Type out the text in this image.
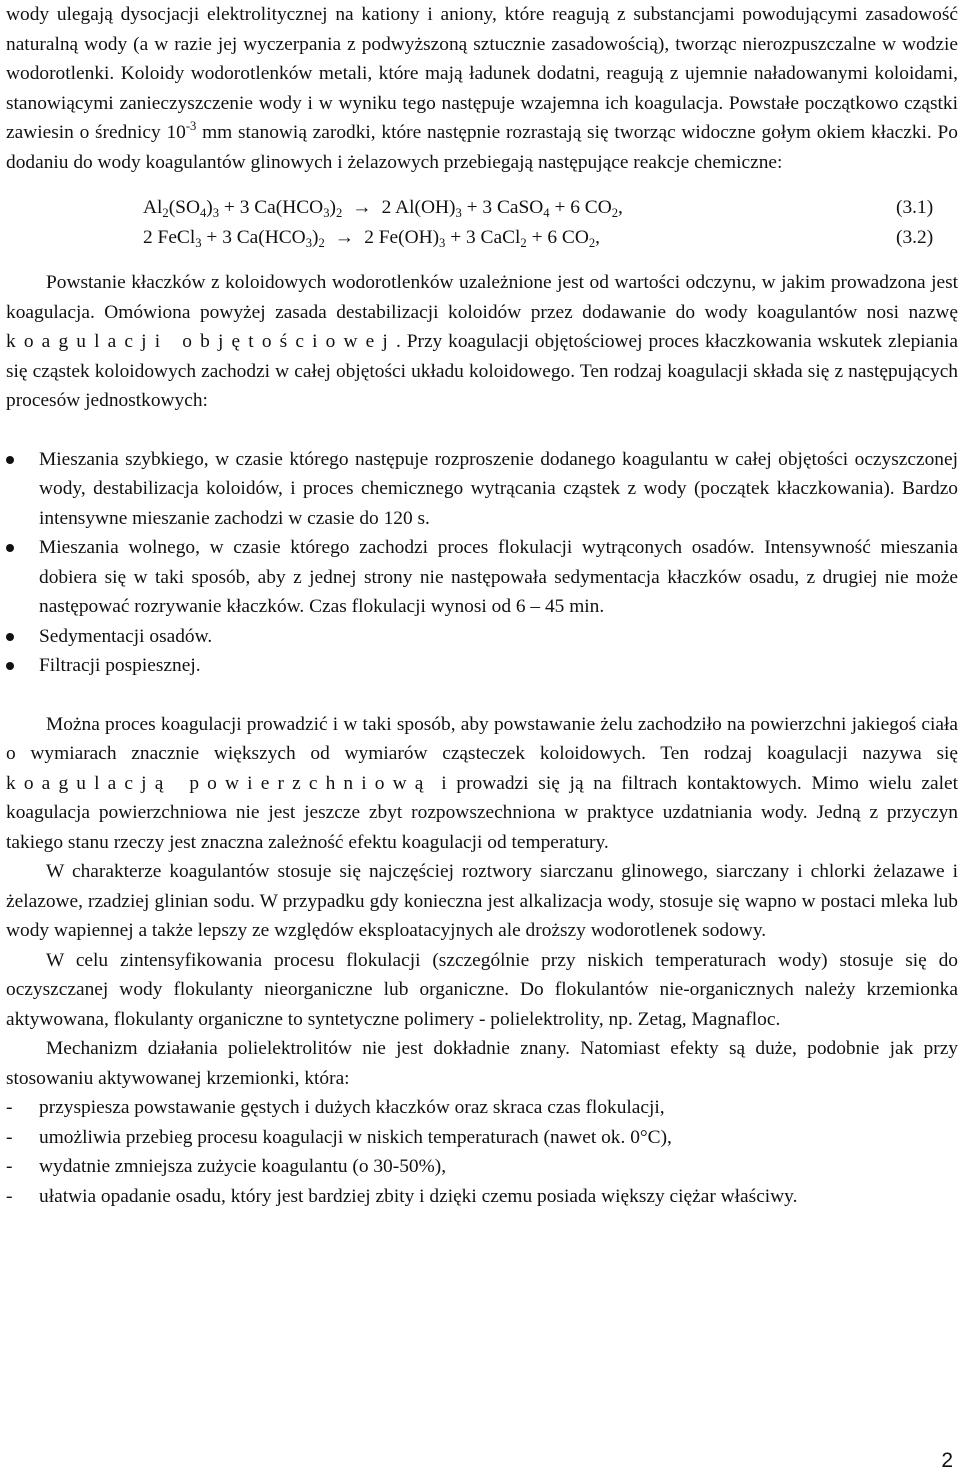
wody ulegają dysocjacji elektrolitycznej na kationy i aniony, które reagują z substancjami powodującymi zasadowość naturalną wody (a w razie jej wyczerpania z podwyższoną sztucznie zasadowością), tworząc nierozpuszczalne w wodzie wodorotlenki. Koloidy wodorotlenków metali, które mają ładunek dodatni, reagują z ujemnie naładowanymi koloidami, stanowiącymi zanieczyszczenie wody i w wyniku tego następuje wzajemna ich koagulacja. Powstałe początkowo cząstki zawiesin o średnicy $10^{-3}$ mm stanowią zarodki, które następnie rozrastają się tworząc widoczne gołym okiem kłaczki. Po dodaniu do wody koagulantów glinowych i żelazowych przebiegają następujące reakcje chemiczne:

$Al_2(SO_4)_3 + 3$ $Ca(HCO_3)_2 \to 2$ $Al(OH)_3 + 3$ CaSO$_4$ + 6 $CO_2$,	(3.1)
2 FeCl$_3$ + 3 $Ca(HCO_3)_2 \to 2$ $Fe(OH)_3 + 3$ CaCl$_2$ + 6 $CO_2$,	(3.2)

Powstanie kłaczków z koloidowych wodorotlenków uzależnione jest od wartości odczynu, w jakim prowadzona jest koagulacja. Omówiona powyżej zasada destabilizacji koloidów przez dodawanie do wody koagulantów nosi nazwę koagulacji objętościowej. Przy koagulacji objętościowej proces kłaczkowania wskutek zlepiania się cząstek koloidowych zachodzi w całej objętości układu koloidowego. Ten rodzaj koagulacji składa się z następujących procesów jednostkowych:

Mieszania szybkiego, w czasie którego następuje rozproszenie dodanego koagulantu w całej objętości oczyszczonej wody, destabilizacja koloidów, i proces chemicznego wytrącania cząstek z wody (początek kłaczkowania). Bardzo intensywne mieszanie zachodzi w czasie do 120 s.
Mieszania wolnego, w czasie którego zachodzi proces flokulacji wytrąconych osadów. Intensywność mieszania dobiera się w taki sposób, aby z jednej strony nie następowała sedymentacja kłaczków osadu, z drugiej nie może następować rozrywanie kłaczków. Czas flokulacji wynosi od 6 – 45 min.
Sedymentacji osadów.
Filtracji pospiesznej.

Można proces koagulacji prowadzić i w taki sposób, aby powstawanie żelu zachodziło na powierzchni jakiegoś ciała o wymiarach znacznie większych od wymiarów cząsteczek koloidowych. Ten rodzaj koagulacji nazywa się koagulacją powierzchniową i prowadzi się ją na filtrach kontaktowych. Mimo wielu zalet koagulacja powierzchniowa nie jest jeszcze zbyt rozpowszechniona w praktyce uzdatniania wody. Jedną z przyczyn takiego stanu rzeczy jest znaczna zależność efektu koagulacji od temperatury.

W charakterze koagulantów stosuje się najczęściej roztwory siarczanu glinowego, siarczany i chlorki żelazawe i żelazowe, rzadziej glinian sodu. W przypadku gdy konieczna jest alkalizacja wody, stosuje się wapno w postaci mleka lub wody wapiennej a także lepszy ze względów eksploatacyjnych ale droższy wodorotlenek sodowy.

W celu zintensyfikowania procesu flokulacji (szczególnie przy niskich temperaturach wody) stosuje się do oczyszczanej wody flokulanty nieorganiczne lub organiczne. Do flokulantów nie-organicznych należy krzemionka aktywowana, flokulanty organiczne to syntetyczne polimery - polielektrolity, np. Zetag, Magnafloc.

Mechanizm działania polielektrolitów nie jest dokładnie znany. Natomiast efekty są duże, podobnie jak przy stosowaniu aktywowanej krzemionki, która:

- przyspiesza powstawanie gęstych i dużych kłaczków oraz skraca czas flokulacji,
- umożliwia przebieg procesu koagulacji w niskich temperaturach (nawet ok. 0°C),
- wydatnie zmniejsza zużycie koagulantu (o 30-50%),
- ułatwia opadanie osadu, który jest bardziej zbity i dzięki czemu posiada większy ciężar właściwy.
2
